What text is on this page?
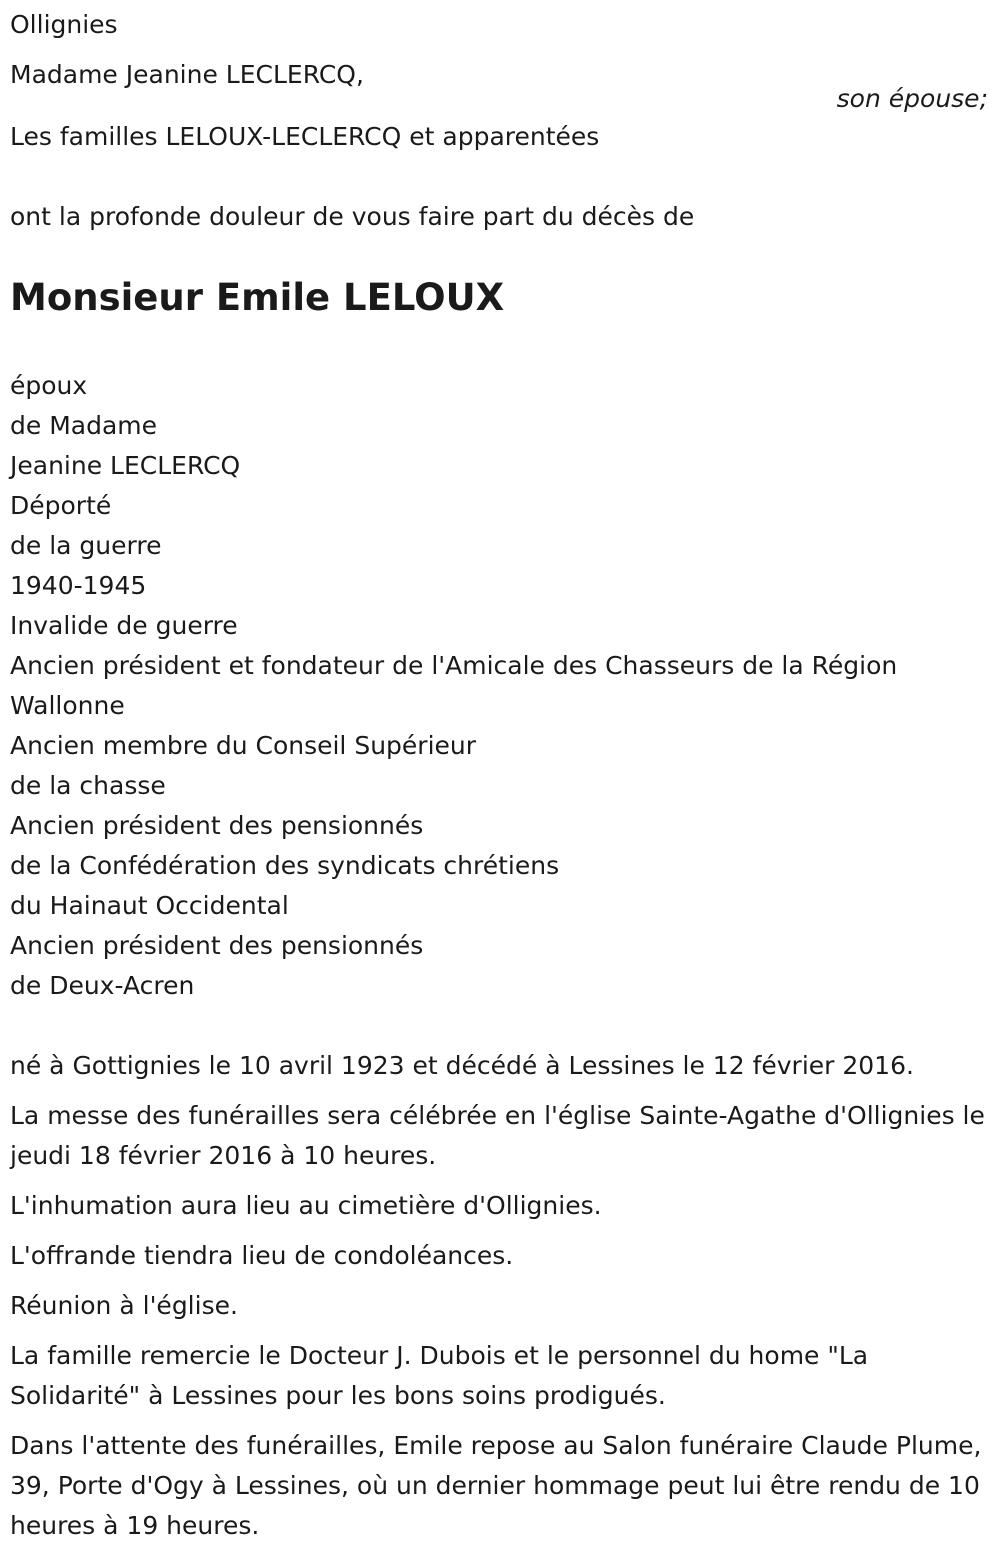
Ollignies
Madame Jeanine LECLERCQ,
son épouse;
Les familles LELOUX-LECLERCQ et apparentées
ont la profonde douleur de vous faire part du décès de
Monsieur Emile LELOUX
époux
de Madame
Jeanine LECLERCQ
Déporté
de la guerre
1940-1945
Invalide de guerre
Ancien président et fondateur de l'Amicale des Chasseurs de la Région
Wallonne
Ancien membre du Conseil Supérieur
de la chasse
Ancien président des pensionnés
de la Confédération des syndicats chrétiens
du Hainaut Occidental
Ancien président des pensionnés
de Deux-Acren
né à Gottignies le 10 avril 1923 et décédé à Lessines le 12 février 2016.
La messe des funérailles sera célébrée en l'église Sainte-Agathe d'Ollignies le jeudi 18 février 2016 à 10 heures.
L'inhumation aura lieu au cimetière d'Ollignies.
L'offrande tiendra lieu de condoléances.
Réunion à l'église.
La famille remercie le Docteur J. Dubois et le personnel du home "La Solidarité" à Lessines pour les bons soins prodigués.
Dans l'attente des funérailles, Emile repose au Salon funéraire Claude Plume, 39, Porte d'Ogy à Lessines, où un dernier hommage peut lui être rendu de 10 heures à 19 heures.
